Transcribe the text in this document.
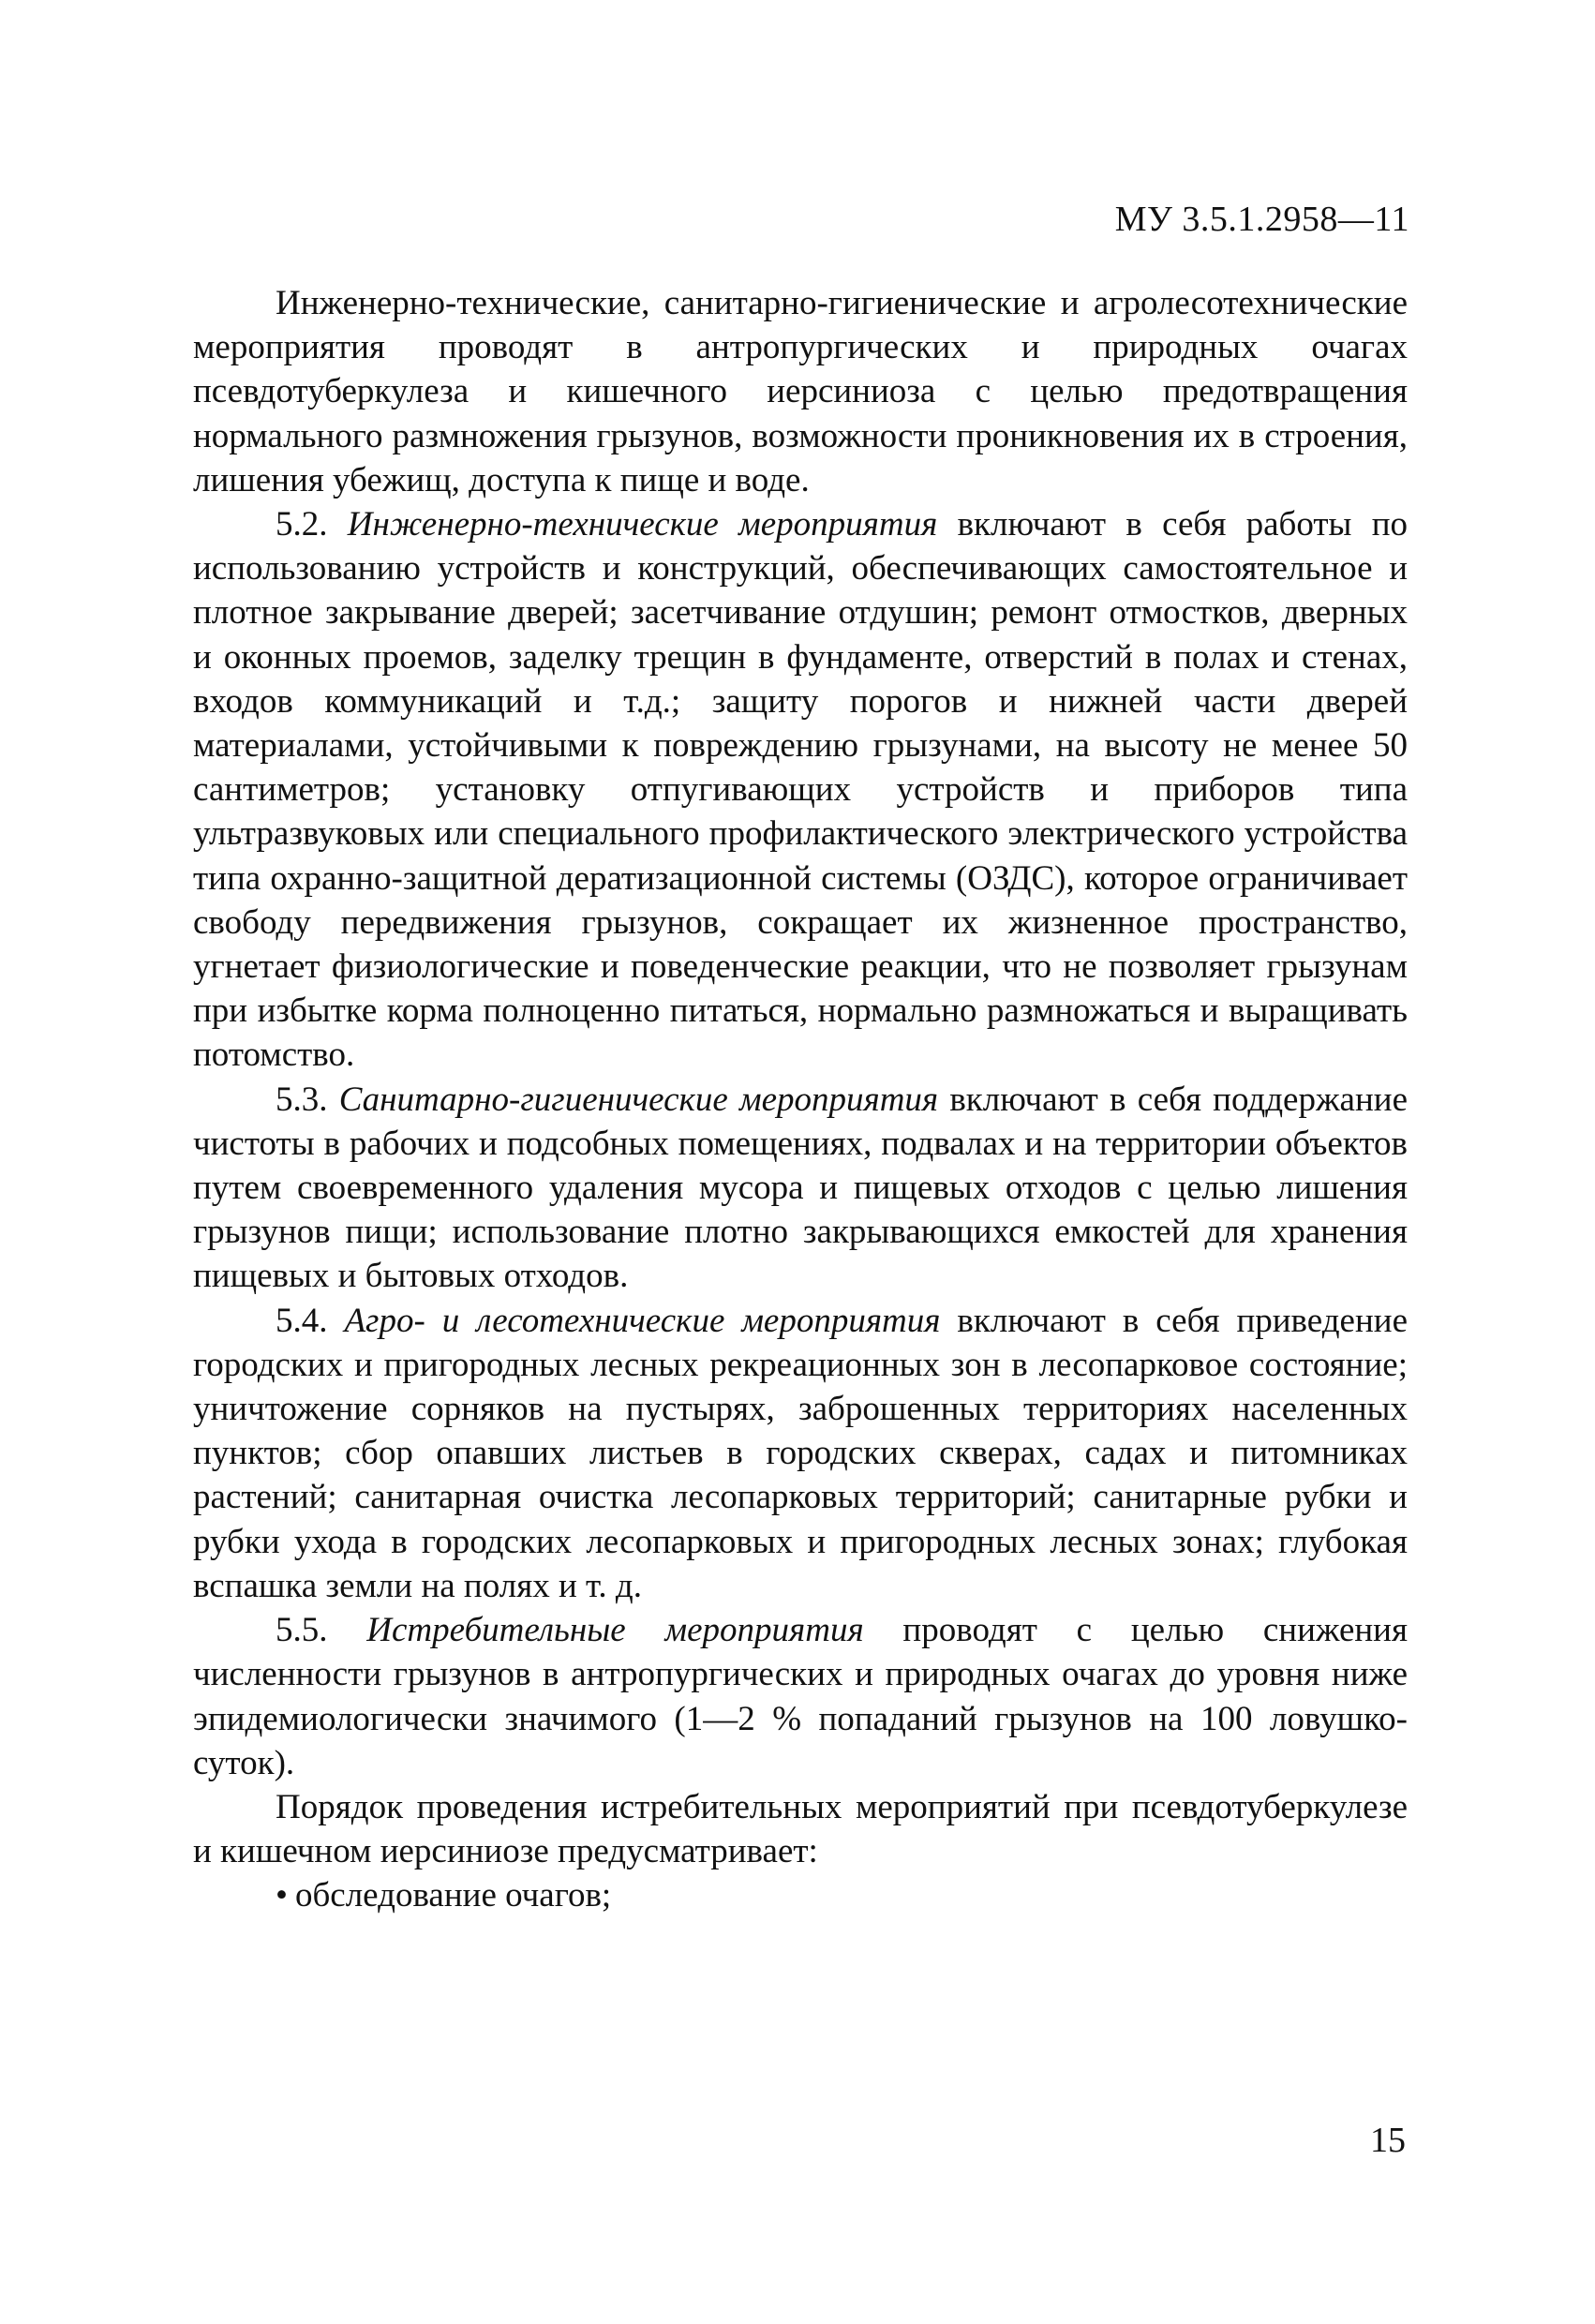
МУ 3.5.1.2958—11

Инженерно-технические, санитарно-гигиенические и агролесотехнические мероприятия проводят в антропургических и природных очагах псевдотуберкулеза и кишечного иерсиниоза с целью предотвращения нормального размножения грызунов, возможности проникновения их в строения, лишения убежищ, доступа к пище и воде.

5.2. Инженерно-технические мероприятия включают в себя работы по использованию устройств и конструкций, обеспечивающих самостоятельное и плотное закрывание дверей; засетчивание отдушин; ремонт отмостков, дверных и оконных проемов, заделку трещин в фундаменте, отверстий в полах и стенах, входов коммуникаций и т.д.; защиту порогов и нижней части дверей материалами, устойчивыми к повреждению грызунами, на высоту не менее 50 сантиметров; установку отпугивающих устройств и приборов типа ультразвуковых или специального профилактического электрического устройства типа охранно-защитной дератизационной системы (ОЗДС), которое ограничивает свободу передвижения грызунов, сокращает их жизненное пространство, угнетает физиологические и поведенческие реакции, что не позволяет грызунам при избытке корма полноценно питаться, нормально размножаться и выращивать потомство.

5.3. Санитарно-гигиенические мероприятия включают в себя поддержание чистоты в рабочих и подсобных помещениях, подвалах и на территории объектов путем своевременного удаления мусора и пищевых отходов с целью лишения грызунов пищи; использование плотно закрывающихся емкостей для хранения пищевых и бытовых отходов.

5.4. Агро- и лесотехнические мероприятия включают в себя приведение городских и пригородных лесных рекреационных зон в лесопарковое состояние; уничтожение сорняков на пустырях, заброшенных территориях населенных пунктов; сбор опавших листьев в городских скверах, садах и питомниках растений; санитарная очистка лесопарковых территорий; санитарные рубки и рубки ухода в городских лесопарковых и пригородных лесных зонах; глубокая вспашка земли на полях и т. д.

5.5. Истребительные мероприятия проводят с целью снижения численности грызунов в антропургических и природных очагах до уровня ниже эпидемиологически значимого (1—2 % попаданий грызунов на 100 ловушко-суток).

Порядок проведения истребительных мероприятий при псевдотуберкулезе и кишечном иерсиниозе предусматривает:

• обследование очагов;
15
